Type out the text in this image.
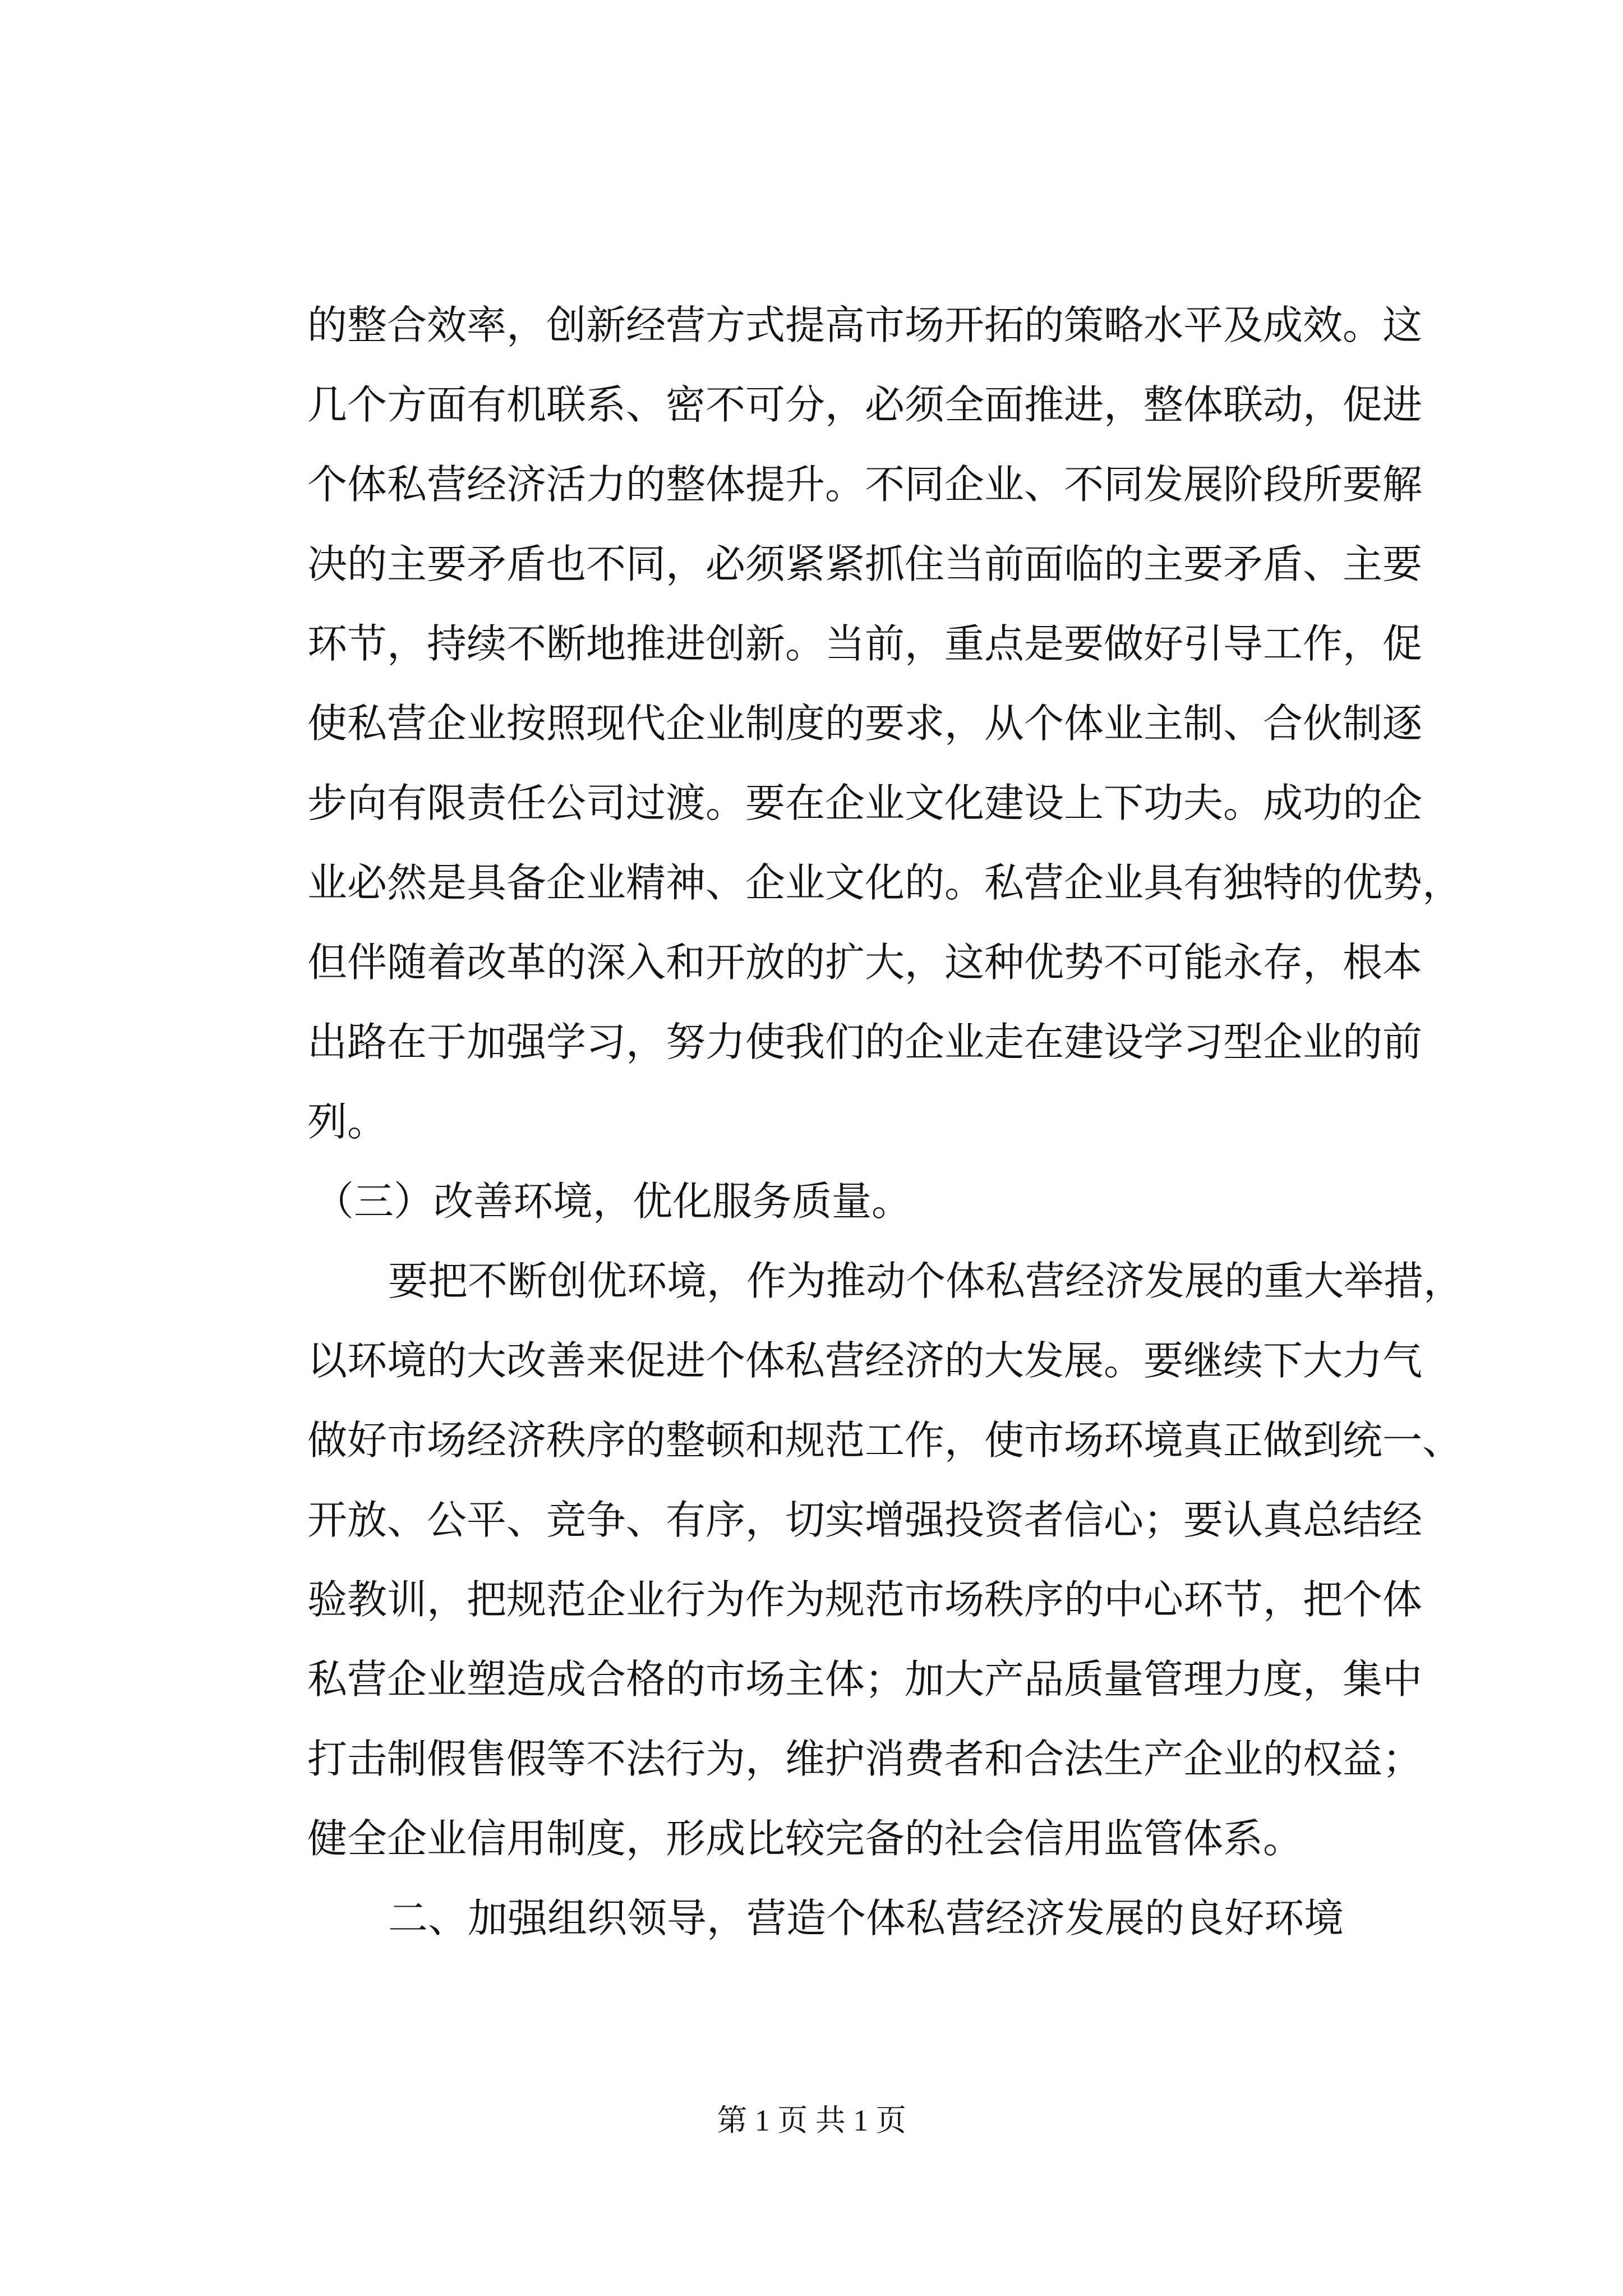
的整合效率，创新经营方式提高市场开拓的策略水平及成效。这
几个方面有机联系、密不可分，必须全面推进，整体联动，促进
个体私营经济活力的整体提升。不同企业、不同发展阶段所要解
决的主要矛盾也不同，必须紧紧抓住当前面临的主要矛盾、主要
环节，持续不断地推进创新。当前，重点是要做好引导工作，促
使私营企业按照现代企业制度的要求，从个体业主制、合伙制逐
步向有限责任公司过渡。要在企业文化建设上下功夫。成功的企
业必然是具备企业精神、企业文化的。私营企业具有独特的优势，
但伴随着改革的深入和开放的扩大，这种优势不可能永存，根本
出路在于加强学习，努力使我们的企业走在建设学习型企业的前
列。
（三）改善环境，优化服务质量。
要把不断创优环境，作为推动个体私营经济发展的重大举措，
以环境的大改善来促进个体私营经济的大发展。要继续下大力气
做好市场经济秩序的整顿和规范工作，使市场环境真正做到统一、
开放、公平、竞争、有序，切实增强投资者信心；要认真总结经
验教训，把规范企业行为作为规范市场秩序的中心环节，把个体
私营企业塑造成合格的市场主体；加大产品质量管理力度，集中
打击制假售假等不法行为，维护消费者和合法生产企业的权益；
健全企业信用制度，形成比较完备的社会信用监管体系。
二、加强组织领导，营造个体私营经济发展的良好环境
第 1 页 共 1 页
